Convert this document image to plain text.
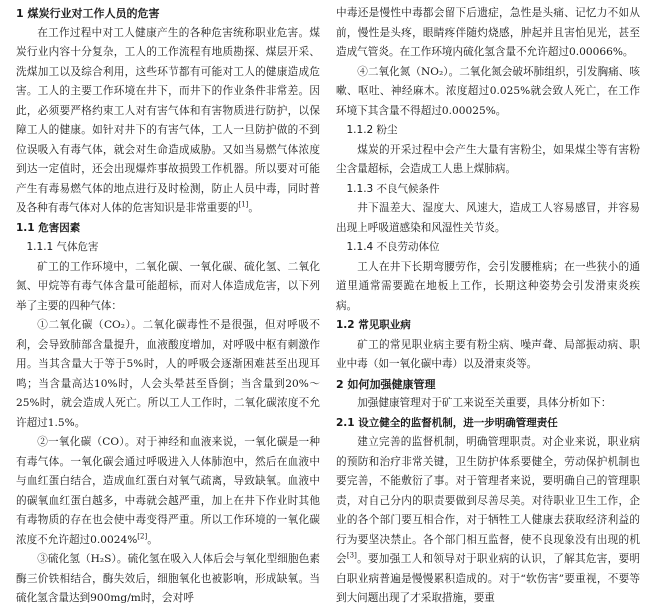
1 煤炭行业对工作人员的危害

在工作过程中对工人健康产生的各种危害统称职业危害。煤炭行业内容十分复杂，工人的工作流程有地质勘探、煤层开采、洗煤加工以及综合利用，这些环节都有可能对工人的健康造成危害。工人的主要工作环境在井下，而井下的作业条件非常差。因此，必须要严格约束工人对有害气体和有害物质进行防护，以保障工人的健康。如针对井下的有害气体，工人一旦防护做的不到位误吸入有毒气体，就会对生命造成威胁。又如当易燃气体浓度到达一定值时，还会出现爆炸事故损毁工作机器。所以要对可能产生有毒易燃气体的地点进行及时检测，防止人员中毒，同时普及各种有毒气体对人体的危害知识是非常重要的[1]。

1.1 危害因素

1.1.1 气体危害

矿工的工作环境中，二氧化碳、一氧化碳、硫化氢、二氧化氮、甲烷等有毒气体含量可能超标，而对人体造成危害，以下列举了主要的四种气体：

①二氧化碳（CO₂）。二氧化碳毒性不是很强，但对呼吸不利，会导致肺部含量提升，血液酸度增加，对呼吸中枢有刺激作用。当其含量大于等于5%时，人的呼吸会逐渐困难甚至出现耳鸣；当含量高达10%时，人会头晕甚至昏倒；当含量到20%～25%时，就会造成人死亡。所以工人工作时，二氧化碳浓度不允许超过1.5%。

②一氧化碳（CO）。对于神经和血液来说，一氧化碳是一种有毒气体。一氧化碳会通过呼吸进入人体肺泡中，然后在血液中与血红蛋白结合，造成血红蛋白对氧气疏离，导致缺氧。血液中的碳氧血红蛋白越多，中毒就会越严重，加上在井下作业时其他有毒物质的存在也会使中毒变得严重。所以工作环境的一氧化碳浓度不允许超过0.0024%[2]。

③硫化氢（H₂S）。硫化氢在吸入人体后会与氧化型细胞色素酶三价铁相结合，酶失效后，细胞氧化也被影响，形成缺氧。当硫化氢含量达到900mg/m时，会对呼

中毒还是慢性中毒都会留下后遗症，急性是头痛、记忆力不如从前，慢性是头疼，眼睛疼伴随灼烧感，肿起并且害怕见光，甚至造成气管炎。在工作环境内硫化氢含量不允许超过0.00066%。

④二氧化氮（NO₂）。二氧化氮会破坏肺组织，引发胸痛、咳嗽、呕吐、神经麻木。浓度超过0.025%就会致人死亡，在工作环境下其含量不得超过0.00025%。

1.1.2 粉尘

煤炭的开采过程中会产生大量有害粉尘，如果煤尘等有害粉尘含量超标，会造成工人患上煤肺病。

1.1.3 不良气候条件

井下温差大、湿度大、风速大，造成工人容易感冒，并容易出现上呼吸道感染和风湿性关节炎。

1.1.4 不良劳动体位

工人在井下长期弯腰劳作，会引发腰椎病；在一些狭小的通道里通常需要跪在地板上工作，长期这种姿势会引发滑束炎疾病。

1.2 常见职业病

矿工的常见职业病主要有粉尘病、噪声聋、局部振动病、职业中毒（如一氧化碳中毒）以及滑束炎等。

2 如何加强健康管理

加强健康管理对于矿工来说至关重要，具体分析如下：

2.1 设立健全的监督机制，进一步明确管理责任

建立完善的监督机制，明确管理职责。对企业来说，职业病的预防和治疗非常关键，卫生防护体系要健全，劳动保护机制也要完善，不能敷衍了事。对于管理者来说，要明确自己的管理职责，对自己分内的职责要做到尽善尽美。对待职业卫生工作，企业的各个部门要互相合作，对于牺牲工人健康去获取经济利益的行为要坚决禁止。各个部门相互监督，使不良现象没有出现的机会[3]。要加强工人和领导对于职业病的认识，了解其危害，要明白职业病普遍是慢慢累积造成的。对于“软伤害”要重视，不要等到大问题出现了才采取措施，要重
